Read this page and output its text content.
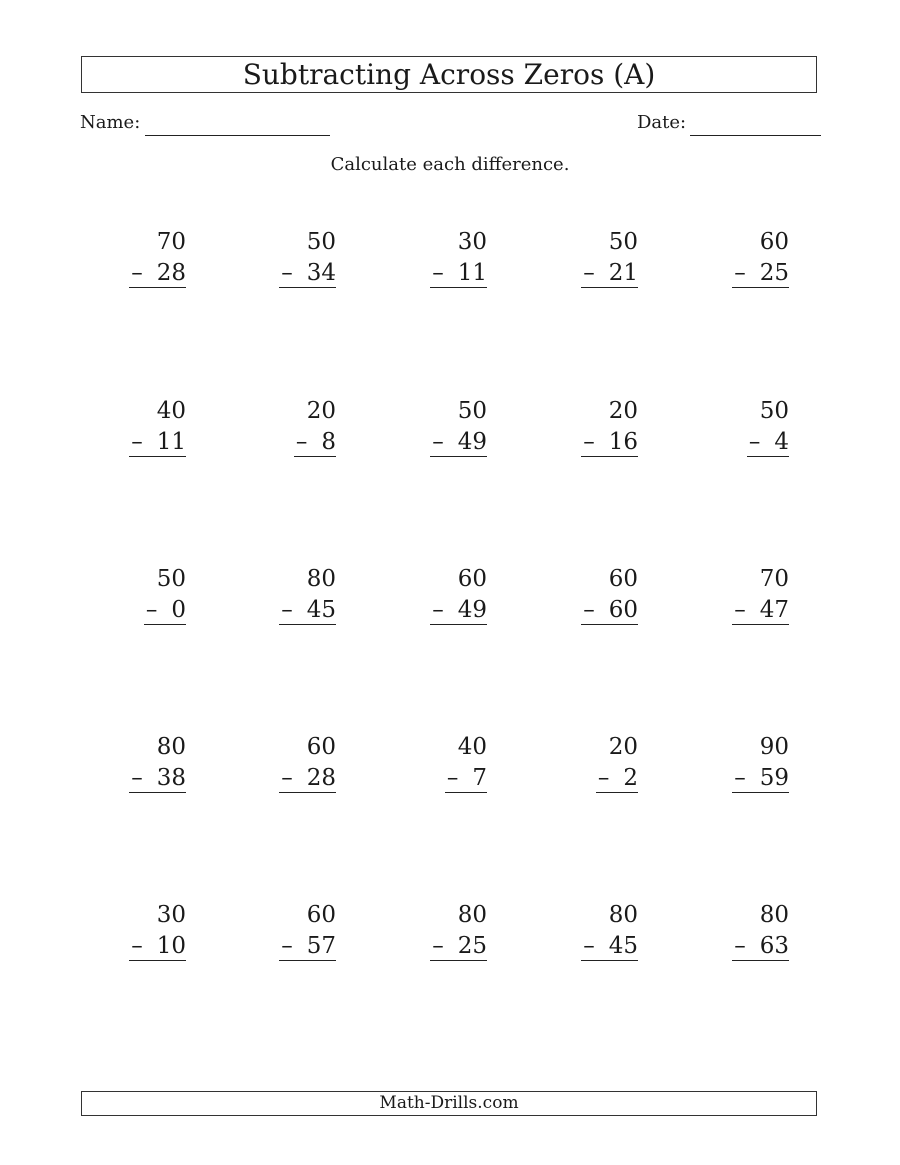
Subtracting Across Zeros (A)
Name:	Date:
Calculate each difference.
70
– 28
50
– 34
30
– 11
50
– 21
60
– 25
40
– 11
20
– 8
50
– 49
20
– 16
50
– 4
50
– 0
80
– 45
60
– 49
60
– 60
70
– 47
80
– 38
60
– 28
40
– 7
20
– 2
90
– 59
30
– 10
60
– 57
80
– 25
80
– 45
80
– 63
Math-Drills.com
